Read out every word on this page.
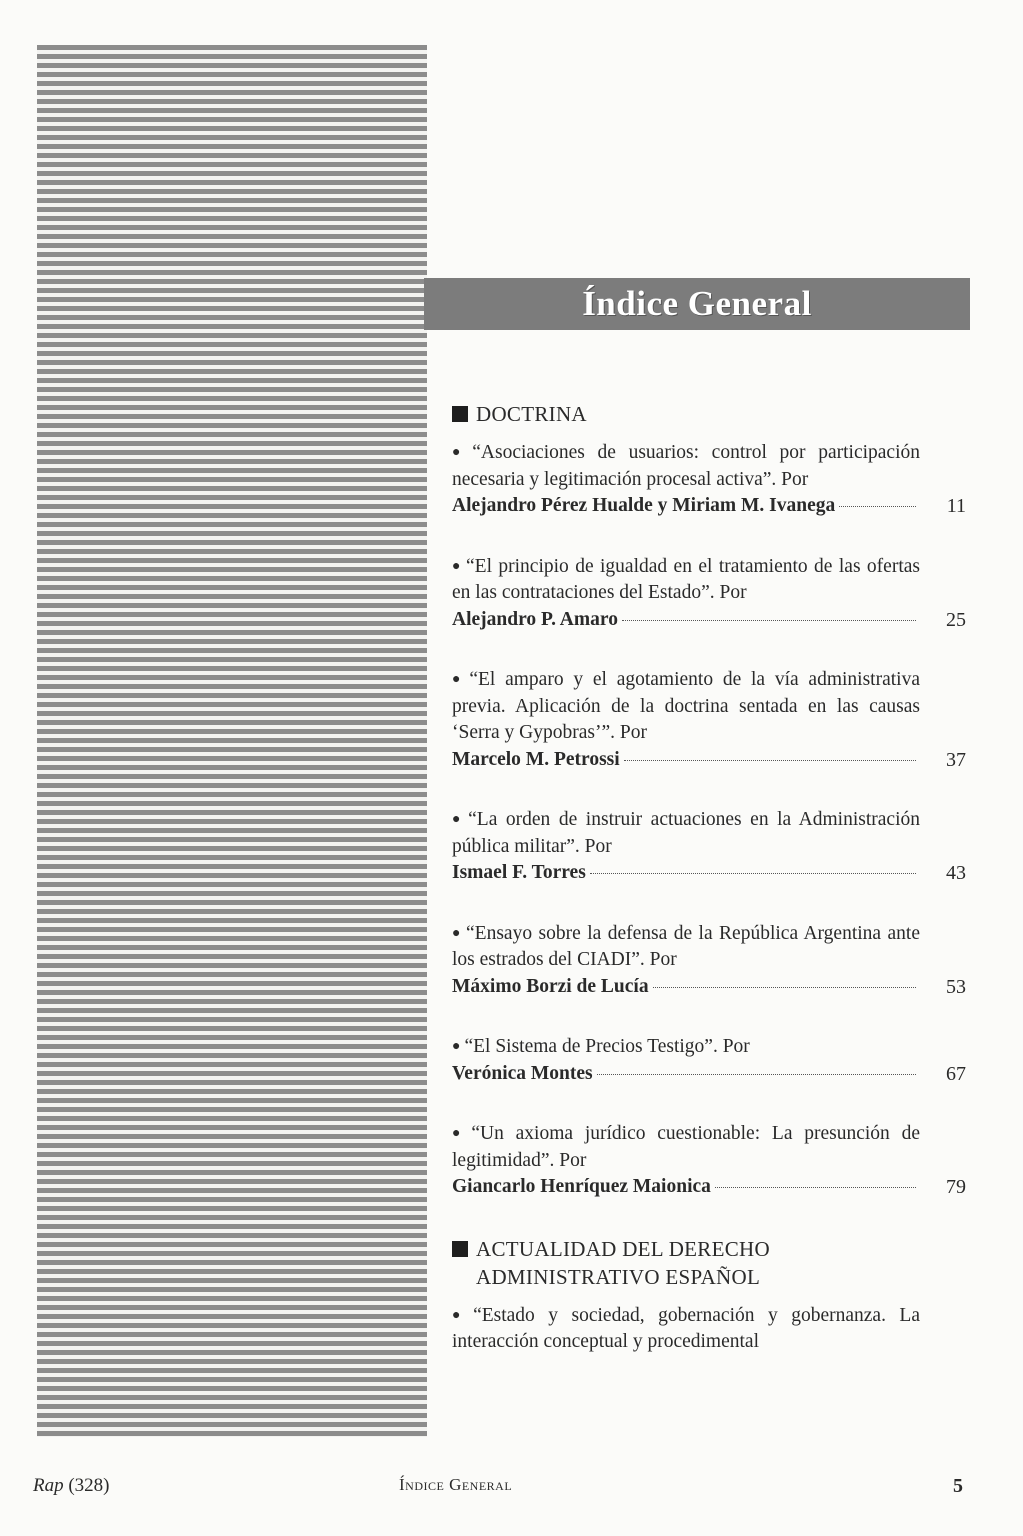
Índice General
DOCTRINA
● “Asociaciones de usuarios: control por participación necesaria y legitimación procesal activa”. Por
Alejandro Pérez Hualde y Miriam M. Ivanega	11
● “El principio de igualdad en el tratamiento de las ofertas en las contrataciones del Estado”. Por
Alejandro P. Amaro	25
● “El amparo y el agotamiento de la vía administrativa previa. Aplicación de la doctrina sentada en las causas ‘Serra y Gypobras’”. Por
Marcelo M. Petrossi	37
● “La orden de instruir actuaciones en la Administración pública militar”. Por
Ismael F. Torres	43
● “Ensayo sobre la defensa de la República Argentina ante los estrados del CIADI”. Por
Máximo Borzi de Lucía	53
● “El Sistema de Precios Testigo”. Por
Verónica Montes	67
● “Un axioma jurídico cuestionable: La presunción de legitimidad”. Por
Giancarlo Henríquez Maionica	79
ACTUALIDAD DEL DERECHO
ADMINISTRATIVO ESPAÑOL
● “Estado y sociedad, gobernación y gobernanza. La interacción conceptual y procedimental
Rap (328)	Índice General	5
